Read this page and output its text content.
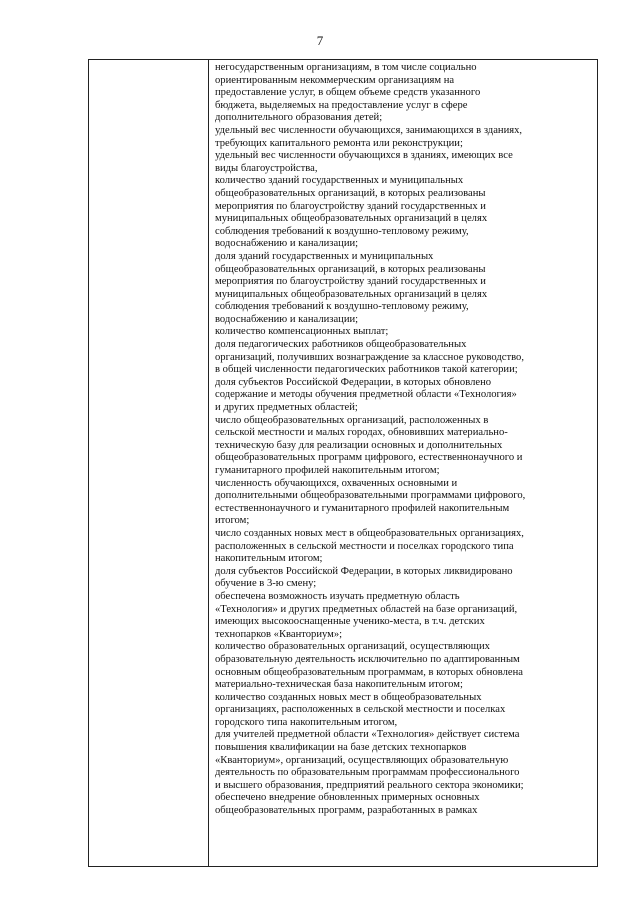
7

негосударственным организациям, в том числе социально

ориентированным некоммерческим организациям на

предоставление услуг, в общем объеме средств указанного

бюджета, выделяемых на предоставление услуг в сфере

дополнительного образования детей;

удельный вес численности обучающихся, занимающихся в зданиях,

требующих капитального ремонта или реконструкции;

удельный вес численности обучающихся в зданиях, имеющих все

виды благоустройства,

количество зданий государственных и муниципальных

общеобразовательных организаций, в которых реализованы

мероприятия по благоустройству зданий государственных и

муниципальных общеобразовательных организаций в целях

соблюдения требований к воздушно-тепловому режиму,

водоснабжению и канализации;

доля зданий государственных и муниципальных

общеобразовательных организаций, в которых реализованы

мероприятия по благоустройству зданий государственных и

муниципальных общеобразовательных организаций в целях

соблюдения требований к воздушно-тепловому режиму,

водоснабжению и канализации;

количество компенсационных выплат;

доля педагогических работников общеобразовательных

организаций, получивших вознаграждение за классное руководство,

в общей численности педагогических работников такой категории;

доля субъектов Российской Федерации, в которых обновлено

содержание и методы обучения предметной области «Технология»

и других предметных областей;

число общеобразовательных организаций, расположенных в

сельской местности и малых городах, обновивших материально-

техническую базу для реализации основных и дополнительных

общеобразовательных программ цифрового, естественнонаучного и

гуманитарного профилей накопительным итогом;

численность обучающихся, охваченных основными и

дополнительными общеобразовательными программами цифрового,

естественнонаучного и гуманитарного профилей накопительным

итогом;

число созданных новых мест в общеобразовательных организациях,

расположенных в сельской местности и поселках городского типа

накопительным итогом;

доля субъектов Российской Федерации, в которых ликвидировано

обучение в 3-ю смену;

обеспечена возможность изучать предметную область

«Технология» и других предметных областей на базе организаций,

имеющих высокооснащенные ученико-места, в т.ч. детских

технопарков «Кванториум»;

количество образовательных организаций, осуществляющих

образовательную деятельность исключительно по адаптированным

основным общеобразовательным программам, в которых обновлена

материально-техническая база накопительным итогом;

количество созданных новых мест в общеобразовательных

организациях, расположенных в сельской местности и поселках

городского типа накопительным итогом,

для учителей предметной области «Технология» действует система

повышения квалификации на базе детских технопарков

«Кванториум», организаций, осуществляющих образовательную

деятельность по образовательным программам профессионального

и высшего образования, предприятий реального сектора экономики;

обеспечено внедрение обновленных примерных основных

общеобразовательных программ, разработанных в рамках
